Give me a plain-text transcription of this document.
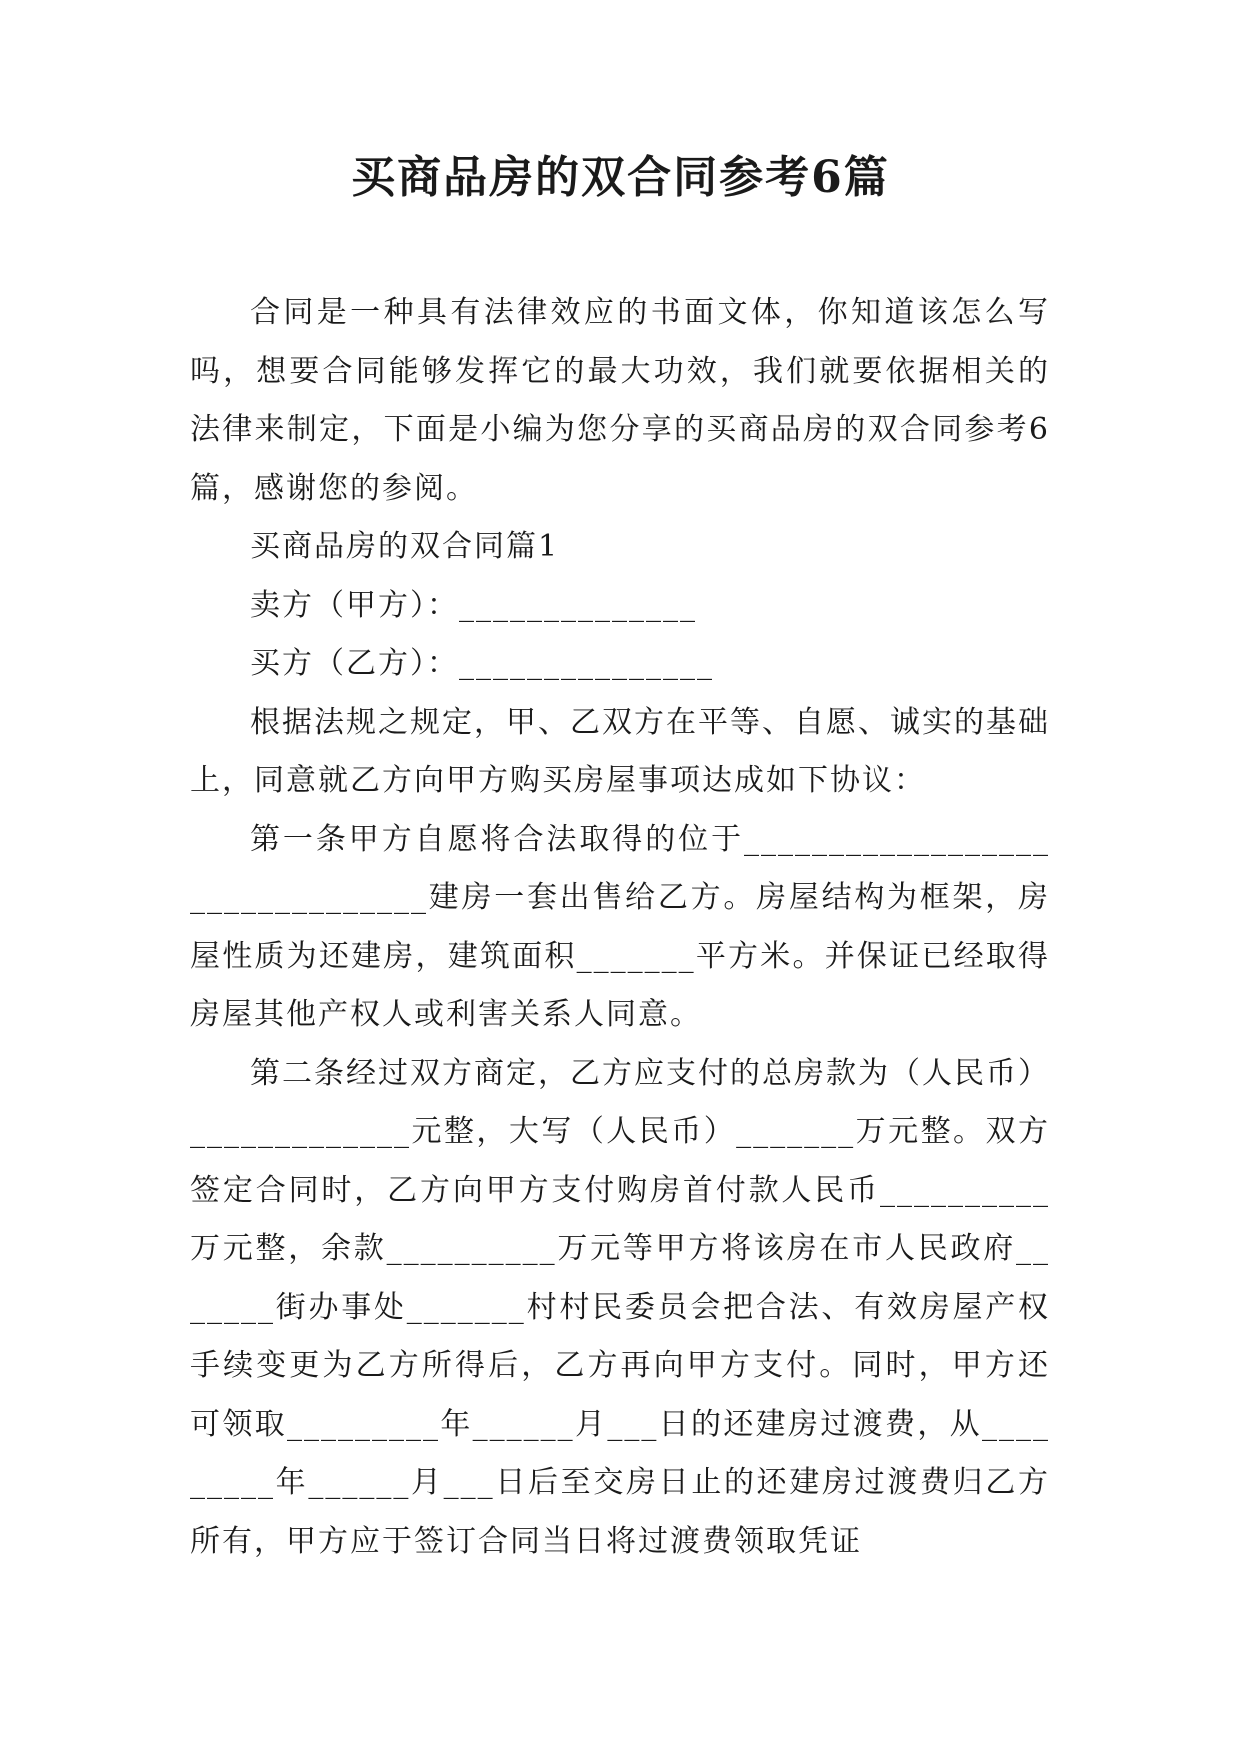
买商品房的双合同参考6篇

合同是一种具有法律效应的书面文体，你知道该怎么写吗，想要合同能够发挥它的最大功效，我们就要依据相关的法律来制定，下面是小编为您分享的买商品房的双合同参考6篇，感谢您的参阅。

买商品房的双合同篇1

卖方（甲方）：______________

买方（乙方）：_______________

根据法规之规定，甲、乙双方在平等、自愿、诚实的基础上，同意就乙方向甲方购买房屋事项达成如下协议：

第一条甲方自愿将合法取得的位于________________________________建房一套出售给乙方。房屋结构为框架，房屋性质为还建房，建筑面积_______平方米。并保证已经取得房屋其他产权人或利害关系人同意。

第二条经过双方商定，乙方应支付的总房款为（人民币）_____________元整，大写（人民币）_______万元整。双方签定合同时，乙方向甲方支付购房首付款人民币__________万元整，余款__________万元等甲方将该房在市人民政府_______街办事处_______村村民委员会把合法、有效房屋产权手续变更为乙方所得后，乙方再向甲方支付。同时，甲方还可领取_________年______月___日的还建房过渡费，从_________年______月___日后至交房日止的还建房过渡费归乙方所有，甲方应于签订合同当日将过渡费领取凭证
